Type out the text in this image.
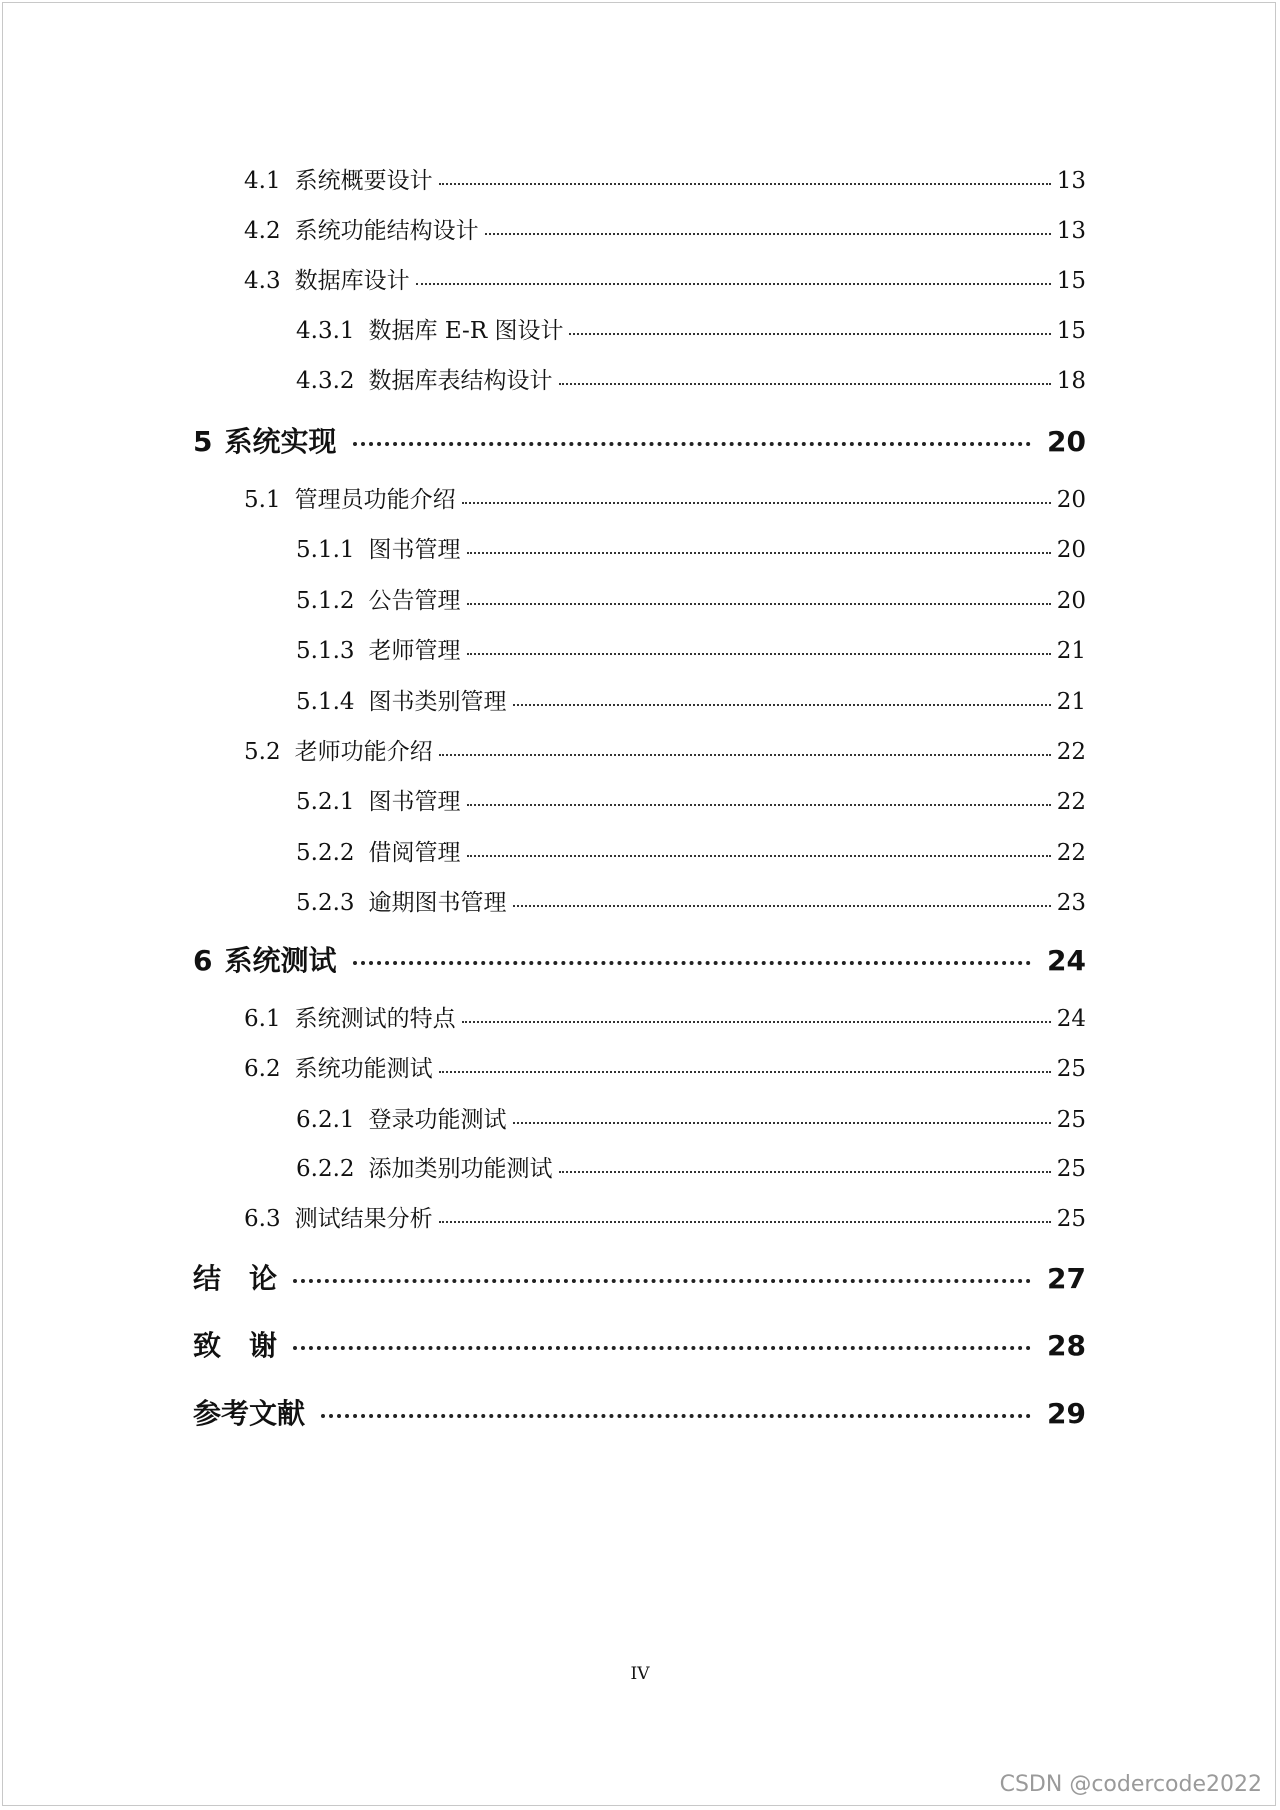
4.1 系统概要设计	13
4.2 系统功能结构设计	13
4.3 数据库设计	15
4.3.1 数据库 E-R 图设计	15
4.3.2 数据库表结构设计	18
5 系统实现	20
5.1 管理员功能介绍	20
5.1.1 图书管理	20
5.1.2 公告管理	20
5.1.3 老师管理	21
5.1.4 图书类别管理	21
5.2 老师功能介绍	22
5.2.1 图书管理	22
5.2.2 借阅管理	22
5.2.3 逾期图书管理	23
6 系统测试	24
6.1 系统测试的特点	24
6.2 系统功能测试	25
6.2.1 登录功能测试	25
6.2.2 添加类别功能测试	25
6.3 测试结果分析	25
结　论	27
致　谢	28
参考文献	29
IV
CSDN @codercode2022
